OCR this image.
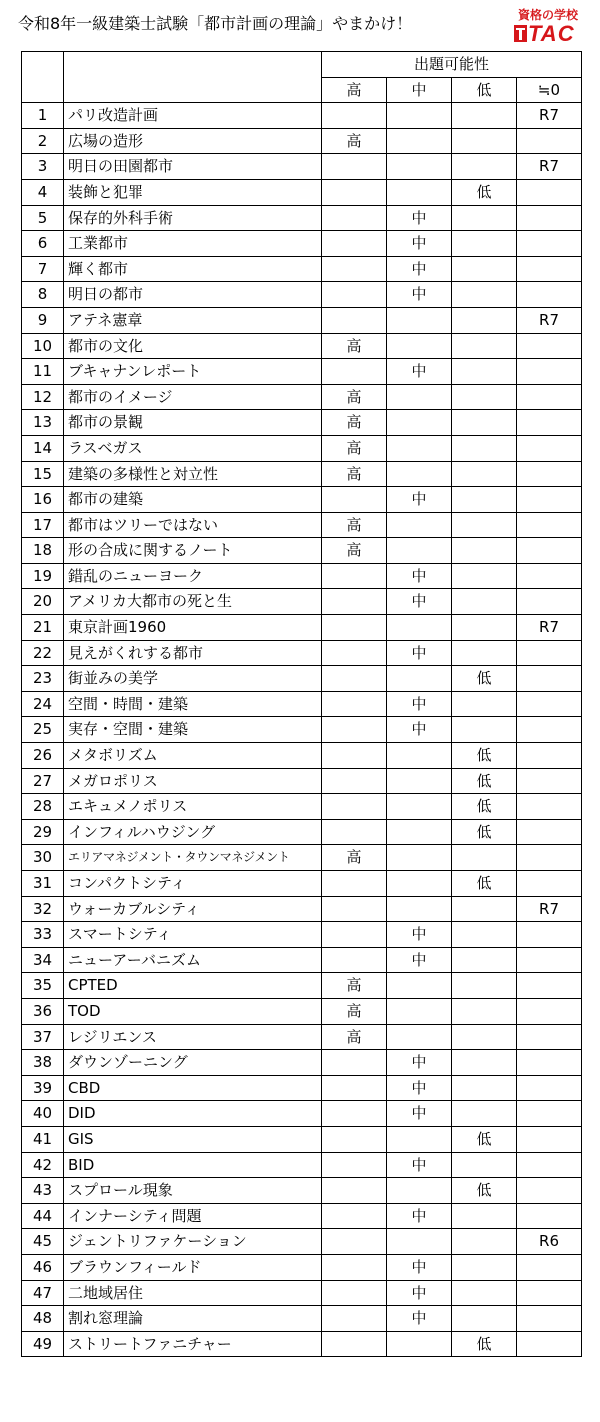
令和8年一級建築士試験「都市計画の理論」やまかけ！	資格の学校
TAC
		出題可能性			
		高	中	低	≒0
1	パリ改造計画				R7
2	広場の造形	高			
3	明日の田園都市				R7
4	装飾と犯罪			低	
5	保存的外科手術		中		
6	工業都市		中		
7	輝く都市		中		
8	明日の都市		中		
9	アテネ憲章				R7
10	都市の文化	高			
11	ブキャナンレポート		中		
12	都市のイメージ	高			
13	都市の景観	高			
14	ラスベガス	高			
15	建築の多様性と対立性	高			
16	都市の建築		中		
17	都市はツリーではない	高			
18	形の合成に関するノート	高			
19	錯乱のニューヨーク		中		
20	アメリカ大都市の死と生		中		
21	東京計画1960				R7
22	見えがくれする都市		中		
23	街並みの美学			低	
24	空間・時間・建築		中		
25	実存・空間・建築		中		
26	メタボリズム			低	
27	メガロポリス			低	
28	エキュメノポリス			低	
29	インフィルハウジング			低	
30	エリアマネジメント・タウンマネジメント	高			
31	コンパクトシティ			低	
32	ウォーカブルシティ				R7
33	スマートシティ		中		
34	ニューアーバニズム		中		
35	CPTED	高			
36	TOD	高			
37	レジリエンス	高			
38	ダウンゾーニング		中		
39	CBD		中		
40	DID		中		
41	GIS			低	
42	BID		中		
43	スプロール現象			低	
44	インナーシティ問題		中		
45	ジェントリファケーション				R6
46	ブラウンフィールド		中		
47	二地域居住		中		
48	割れ窓理論		中		
49	ストリートファニチャー			低	
